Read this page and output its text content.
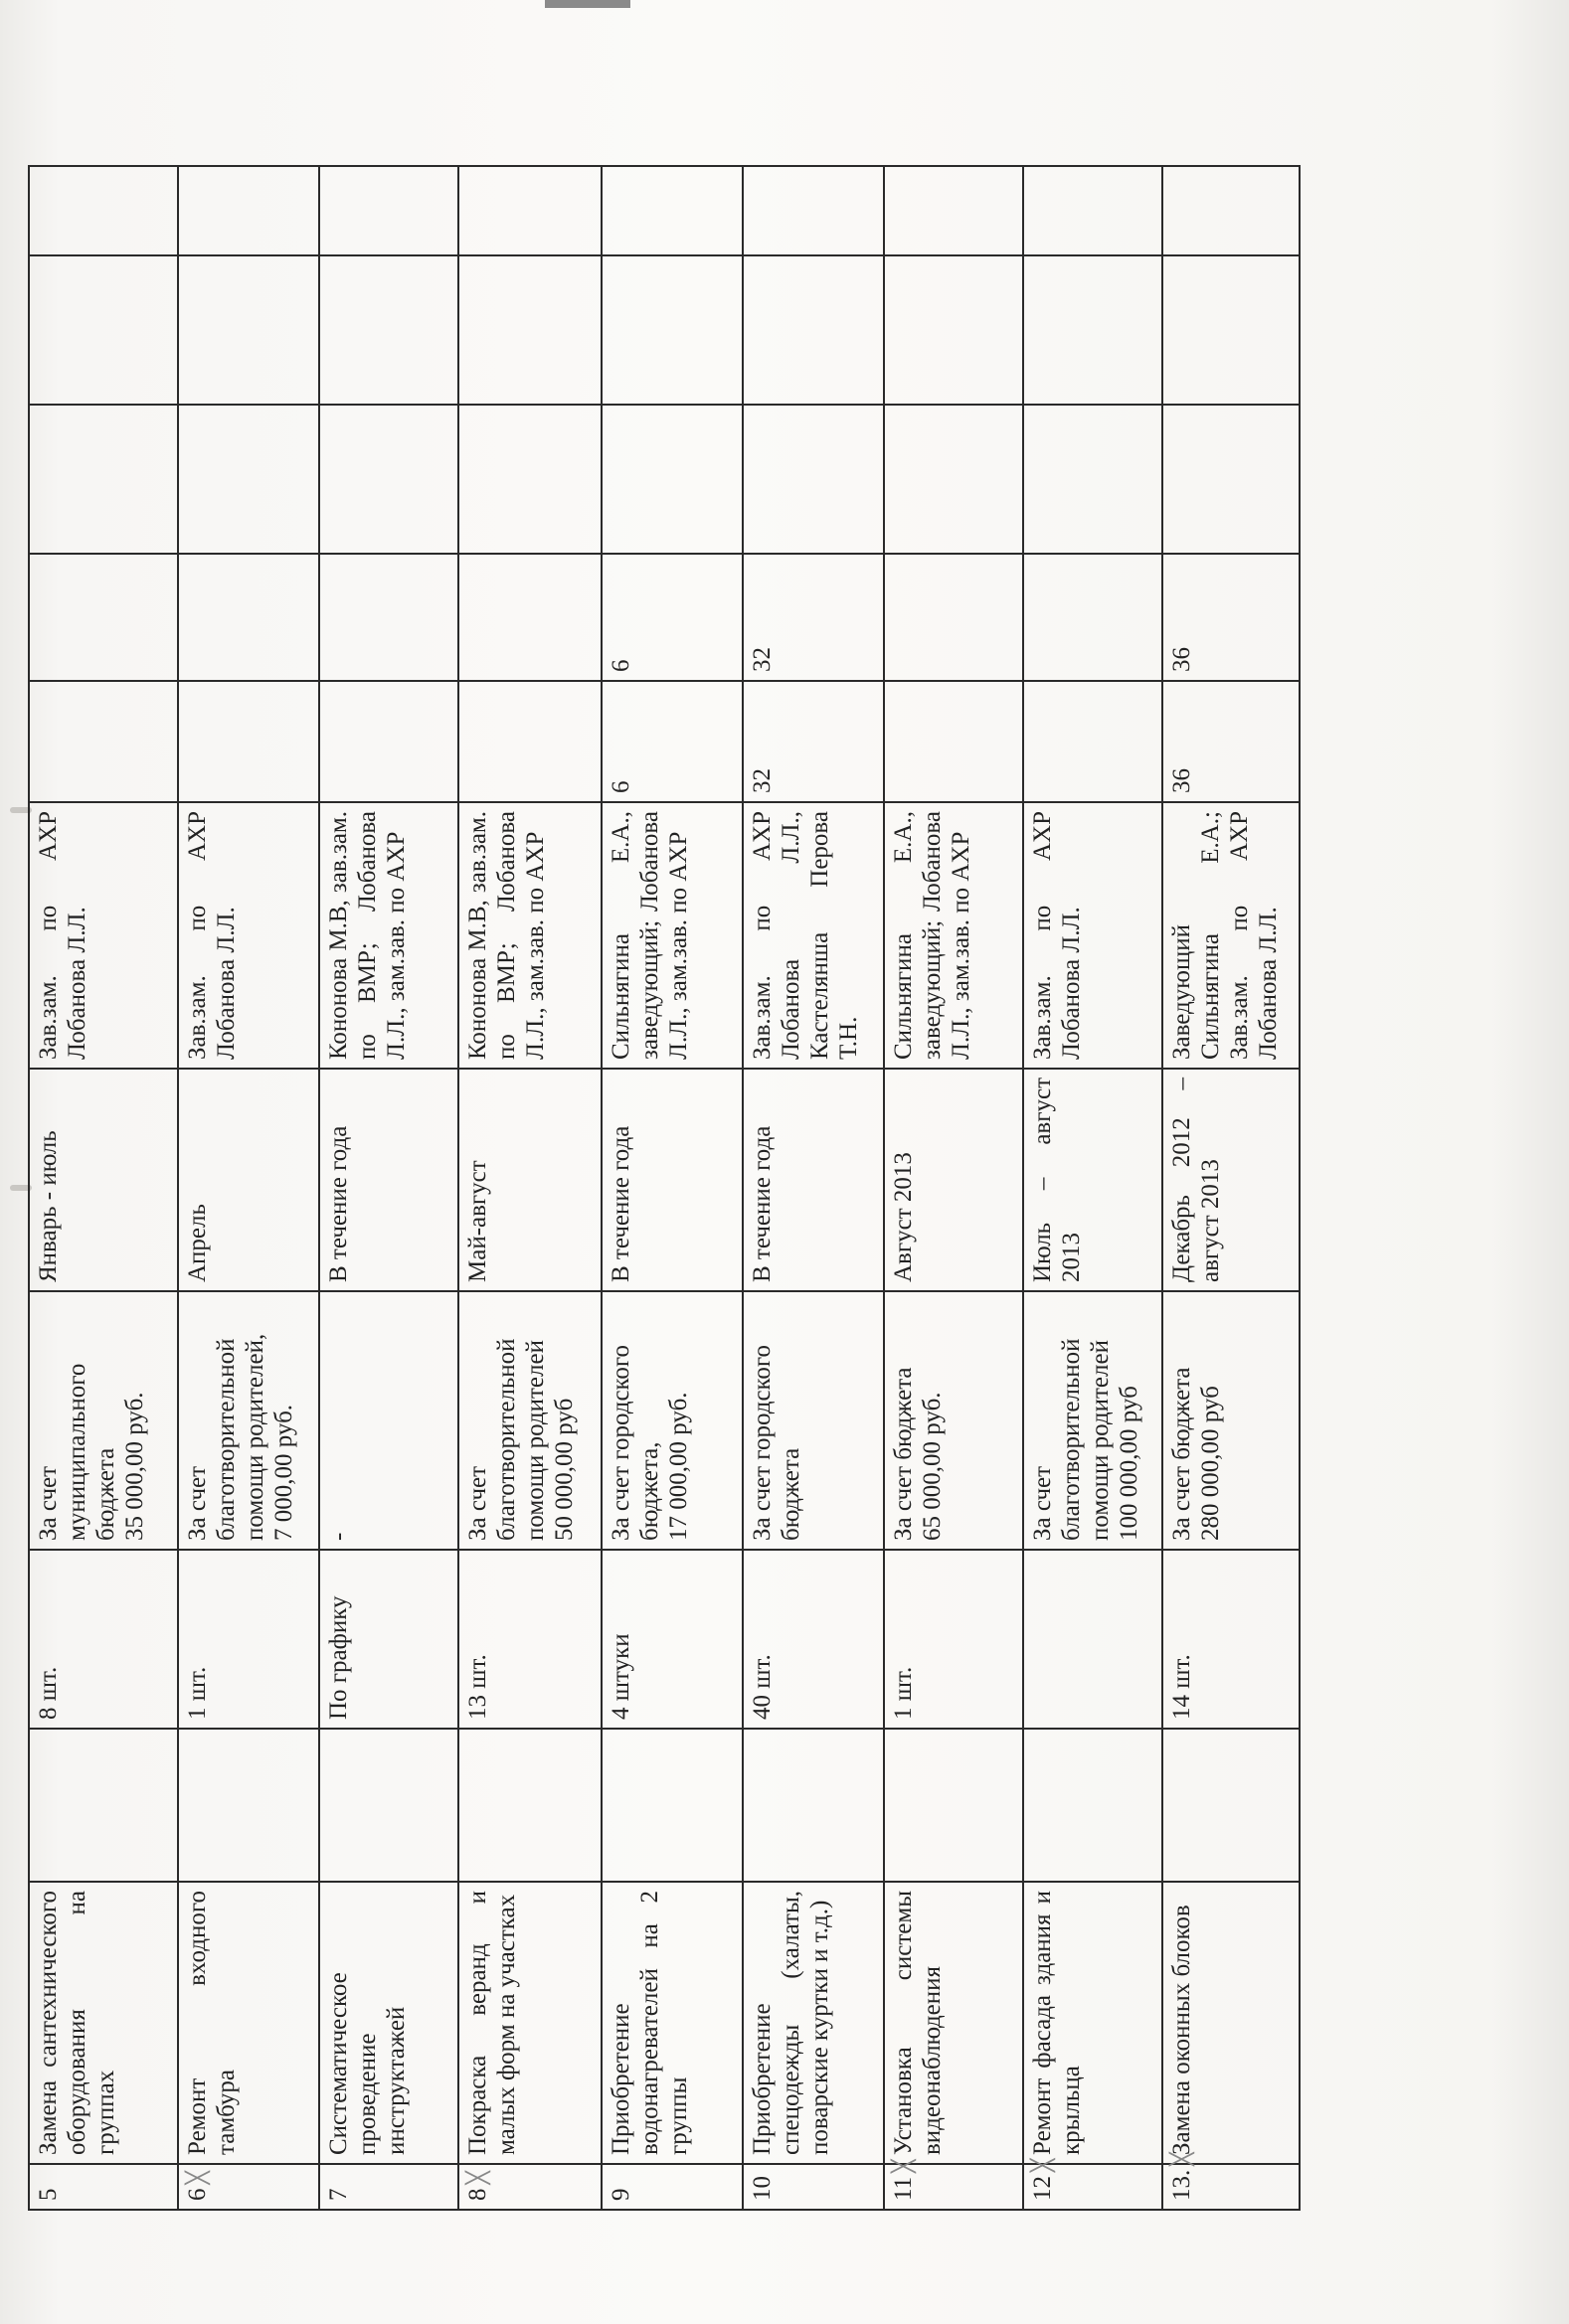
5	Замена сантехнического оборудования на группах		8 шт.	За счет муниципального бюджета
35 000,00 руб.	Январь - июль	Зав.зам. по АХР Лобанова Л.Л.					
6╳	Ремонт входного тамбура		1 шт.	За счет благотворительной помощи родителей,
7 000,00 руб.	Апрель	Зав.зам. по АХР Лобанова Л.Л.					
7	Систематическое проведение инструктажей		По графику	-	В течение года	Кононова М.В, зав.зам. по ВМР; Лобанова Л.Л., зам.зав. по АХР					
8╳	Покраска веранд и малых форм на участках		13 шт.	За счет благотворительной помощи родителей
50 000,00 руб	Май-август	Кононова М.В, зав.зам. по ВМР; Лобанова Л.Л., зам.зав. по АХР					
9	Приобретение водонагревателей на 2 группы		4 штуки	За счет городского бюджета,
17 000,00 руб.	В течение года	Сильнягина Е.А., заведующий; Лобанова Л.Л., зам.зав. по АХР	6	6			
10	Приобретение спецодежды (халаты, поварские куртки и т.д.)		40 шт.	За счет городского бюджета	В течение года	Зав.зам. по АХР Лобанова Л.Л., Кастелянша Перова Т.Н.	32	32			
11╳	Установка системы видеонаблюдения		1 шт.	За счет бюджета
65 000,00 руб.	Август 2013	Сильнягина Е.А., заведующий; Лобанова Л.Л., зам.зав. по АХР					
12╳	Ремонт фасада здания и крыльца			За счет благотворительной помощи родителей
100 000,00 руб	Июль – август 2013	Зав.зам. по АХР Лобанова Л.Л.					
13.╳	Замена оконных блоков		14 шт.	За счет бюджета
280 000,00 руб	Декабрь 2012 – август 2013	Заведующий Сильнягина Е.А.; Зав.зам. по АХР Лобанова Л.Л.	36	36			
